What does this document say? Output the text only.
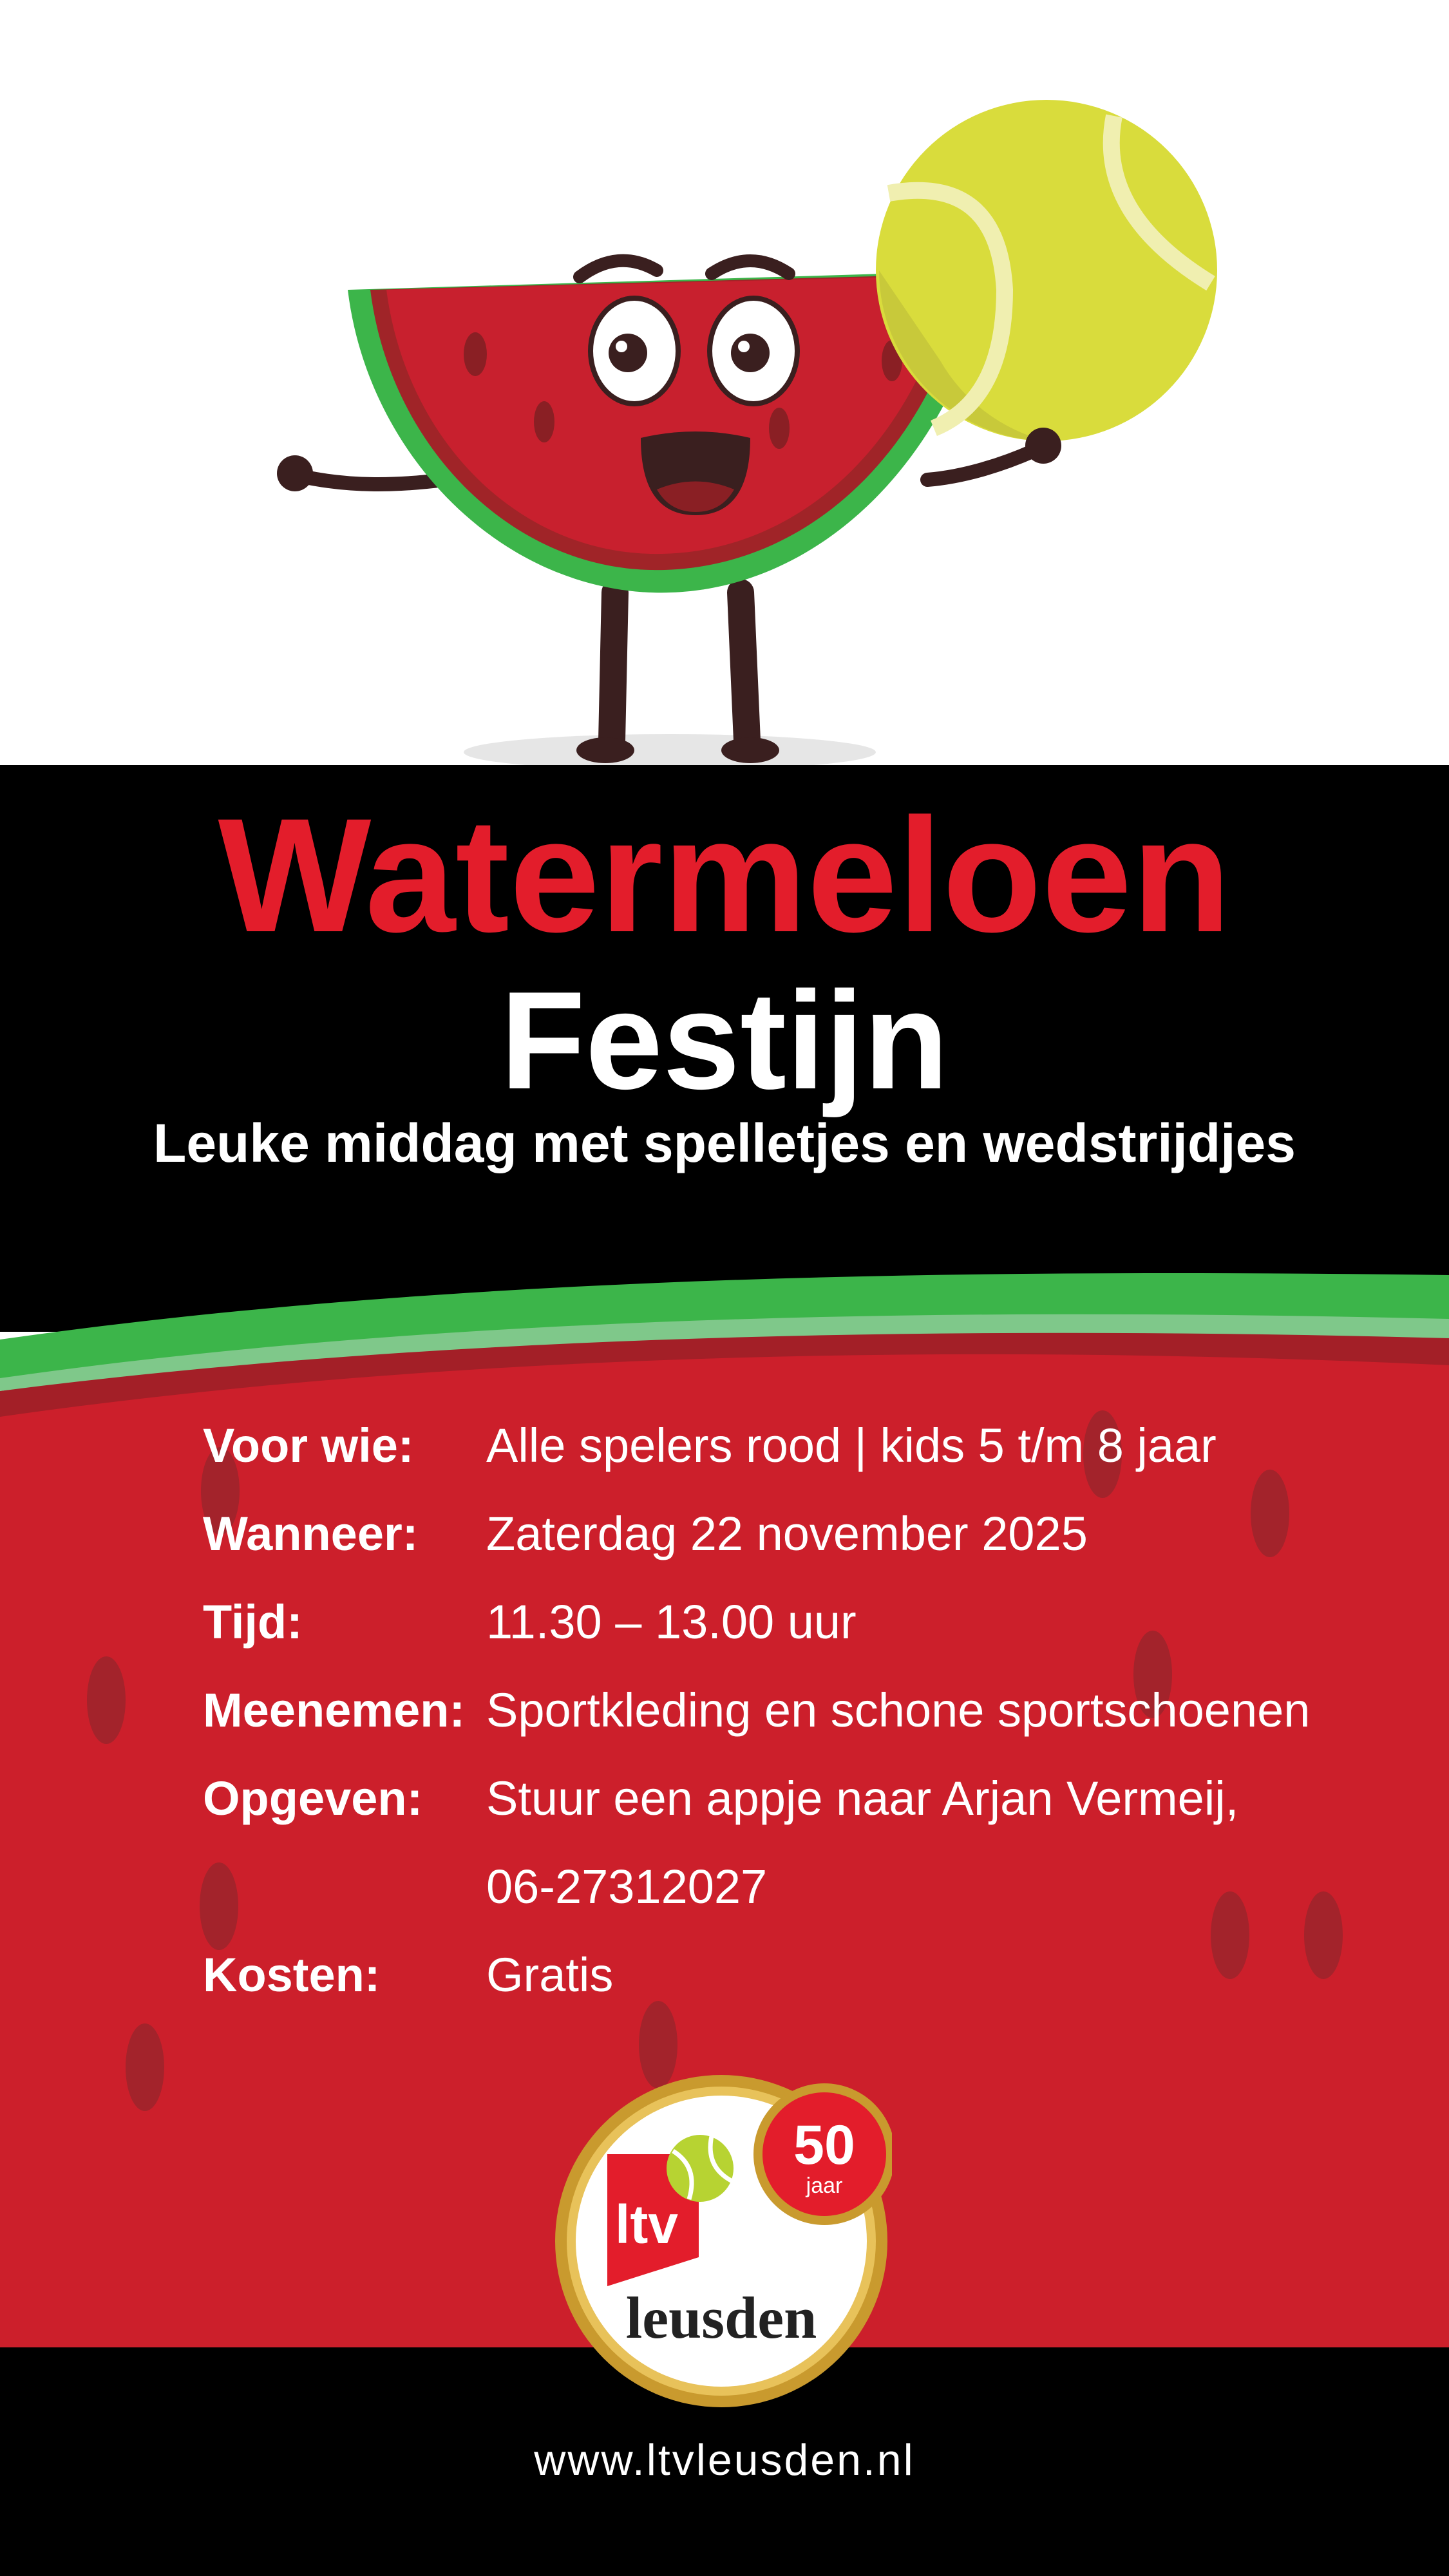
Watermeloen
Festijn
Leuke middag met spelletjes en wedstrijdjes
Voor wie: Alle spelers rood | kids 5 t/m 8 jaar
Wanneer: Zaterdag 22 november 2025
Tijd:	11.30 – 13.00 uur
Meenemen: Sportkleding en schone sportschoenen
Opgeven: Stuur een appje naar Arjan Vermeij,
06-27312027
Kosten: Gratis
ltv
leusden
50
jaar
www.ltvleusden.nl
